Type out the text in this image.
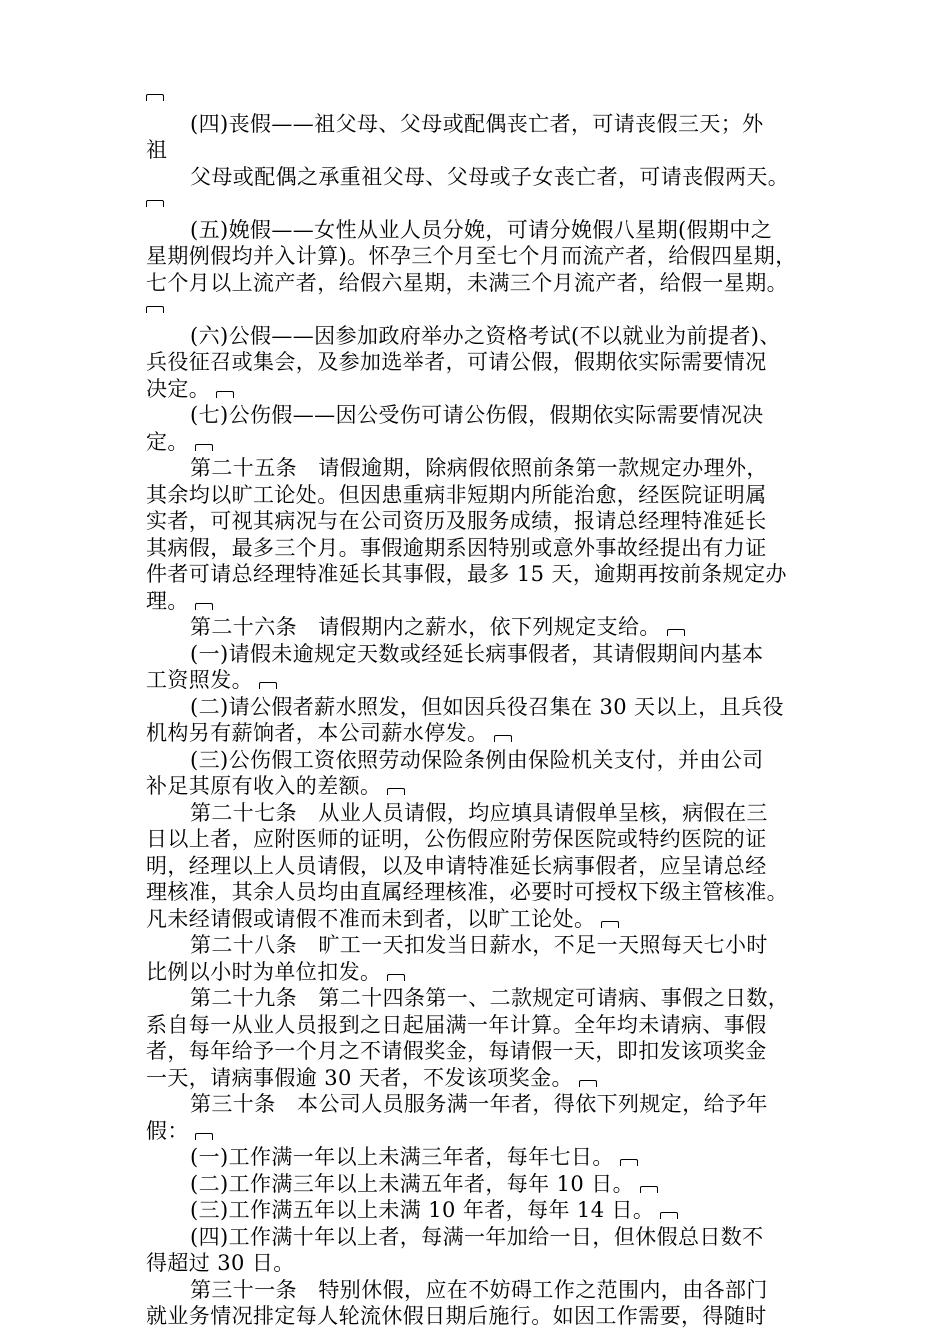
(四)丧假——祖父母、父母或配偶丧亡者，可请丧假三天；外
祖
父母或配偶之承重祖父母、父母或子女丧亡者，可请丧假两天。
(五)娩假——女性从业人员分娩，可请分娩假八星期(假期中之
星期例假均并入计算)。怀孕三个月至七个月而流产者，给假四星期，
七个月以上流产者，给假六星期，未满三个月流产者，给假一星期。
(六)公假——因参加政府举办之资格考试(不以就业为前提者)、
兵役征召或集会，及参加选举者，可请公假，假期依实际需要情况
决定。
(七)公伤假——因公受伤可请公伤假，假期依实际需要情况决
定。
第二十五条　请假逾期，除病假依照前条第一款规定办理外，
其余均以旷工论处。但因患重病非短期内所能治愈，经医院证明属
实者，可视其病况与在公司资历及服务成绩，报请总经理特准延长
其病假，最多三个月。事假逾期系因特别或意外事故经提出有力证
件者可请总经理特准延长其事假，最多 15 天，逾期再按前条规定办
理。
第二十六条　请假期内之薪水，依下列规定支给。
(一)请假未逾规定天数或经延长病事假者，其请假期间内基本
工资照发。
(二)请公假者薪水照发，但如因兵役召集在 30 天以上，且兵役
机构另有薪饷者，本公司薪水停发。
(三)公伤假工资依照劳动保险条例由保险机关支付，并由公司
补足其原有收入的差额。
第二十七条　从业人员请假，均应填具请假单呈核，病假在三
日以上者，应附医师的证明，公伤假应附劳保医院或特约医院的证
明，经理以上人员请假，以及申请特准延长病事假者，应呈请总经
理核准，其余人员均由直属经理核准，必要时可授权下级主管核准。
凡未经请假或请假不准而未到者，以旷工论处。
第二十八条　旷工一天扣发当日薪水，不足一天照每天七小时
比例以小时为单位扣发。
第二十九条　第二十四条第一、二款规定可请病、事假之日数，
系自每一从业人员报到之日起届满一年计算。全年均未请病、事假
者，每年给予一个月之不请假奖金，每请假一天，即扣发该项奖金
一天，请病事假逾 30 天者，不发该项奖金。
第三十条　本公司人员服务满一年者，得依下列规定，给予年
假：
(一)工作满一年以上未满三年者，每年七日。
(二)工作满三年以上未满五年者，每年 10 日。
(三)工作满五年以上未满 10 年者，每年 14 日。
(四)工作满十年以上者，每满一年加给一日，但休假总日数不
得超过 30 日。
第三十一条　特别休假，应在不妨碍工作之范围内，由各部门
就业务情况排定每人轮流休假日期后施行。如因工作需要，得随时
